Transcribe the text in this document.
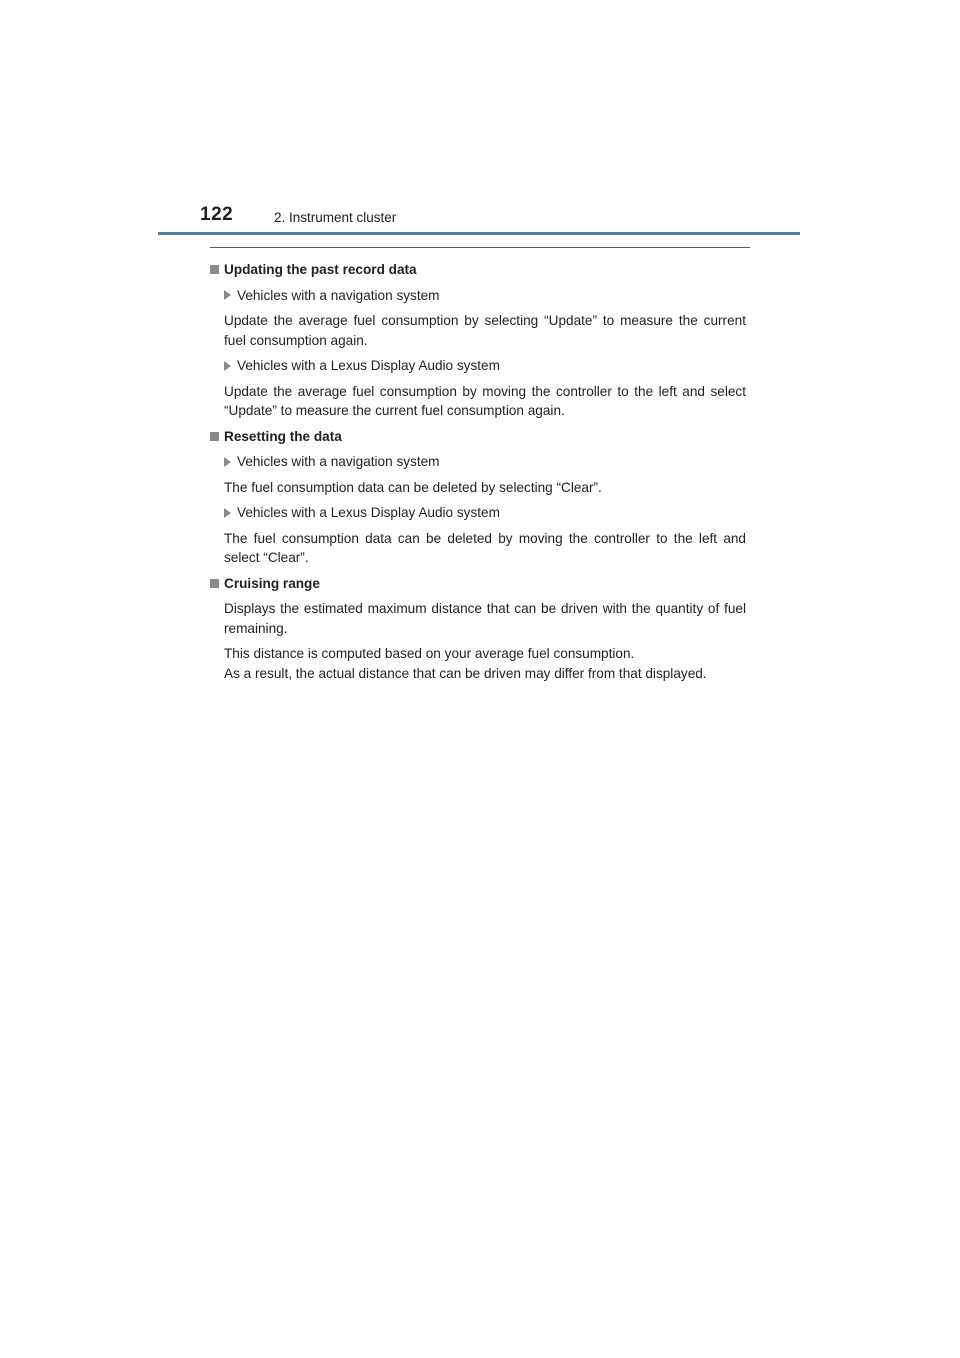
122	2. Instrument cluster
Updating the past record data
Vehicles with a navigation system

Update the average fuel consumption by selecting “Update” to measure the current fuel consumption again.

Vehicles with a Lexus Display Audio system

Update the average fuel consumption by moving the controller to the left and select “Update” to measure the current fuel consumption again.

Resetting the data
Vehicles with a navigation system

The fuel consumption data can be deleted by selecting “Clear”.

Vehicles with a Lexus Display Audio system

The fuel consumption data can be deleted by moving the controller to the left and select “Clear”.

Cruising range

Displays the estimated maximum distance that can be driven with the quantity of fuel remaining.

This distance is computed based on your average fuel consumption.

As a result, the actual distance that can be driven may differ from that displayed.
